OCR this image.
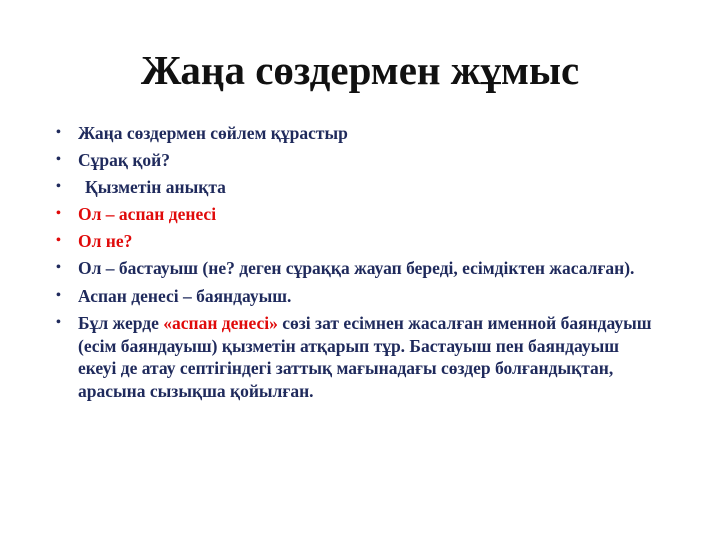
Жаңа сөздермен жұмыс
• Жаңа сөздермен сөйлем құрастыр
• Сұрақ қой?
•	Қызметін анықта
• Ол – аспан денесі
• Ол не?
• Ол – бастауыш (не? деген сұраққа жауап береді, есімдіктен жасалған).
• Аспан денесі – баяндауыш.
• Бұл жерде «аспан денесі» сөзі зат есімнен жасалған именной баяндауыш (есім баяндауыш) қызметін атқарып тұр. Бастауыш пен баяндауыш екеуі де атау септігіндегі заттық мағынадағы сөздер болғандықтан, арасына сызықша қойылған.
